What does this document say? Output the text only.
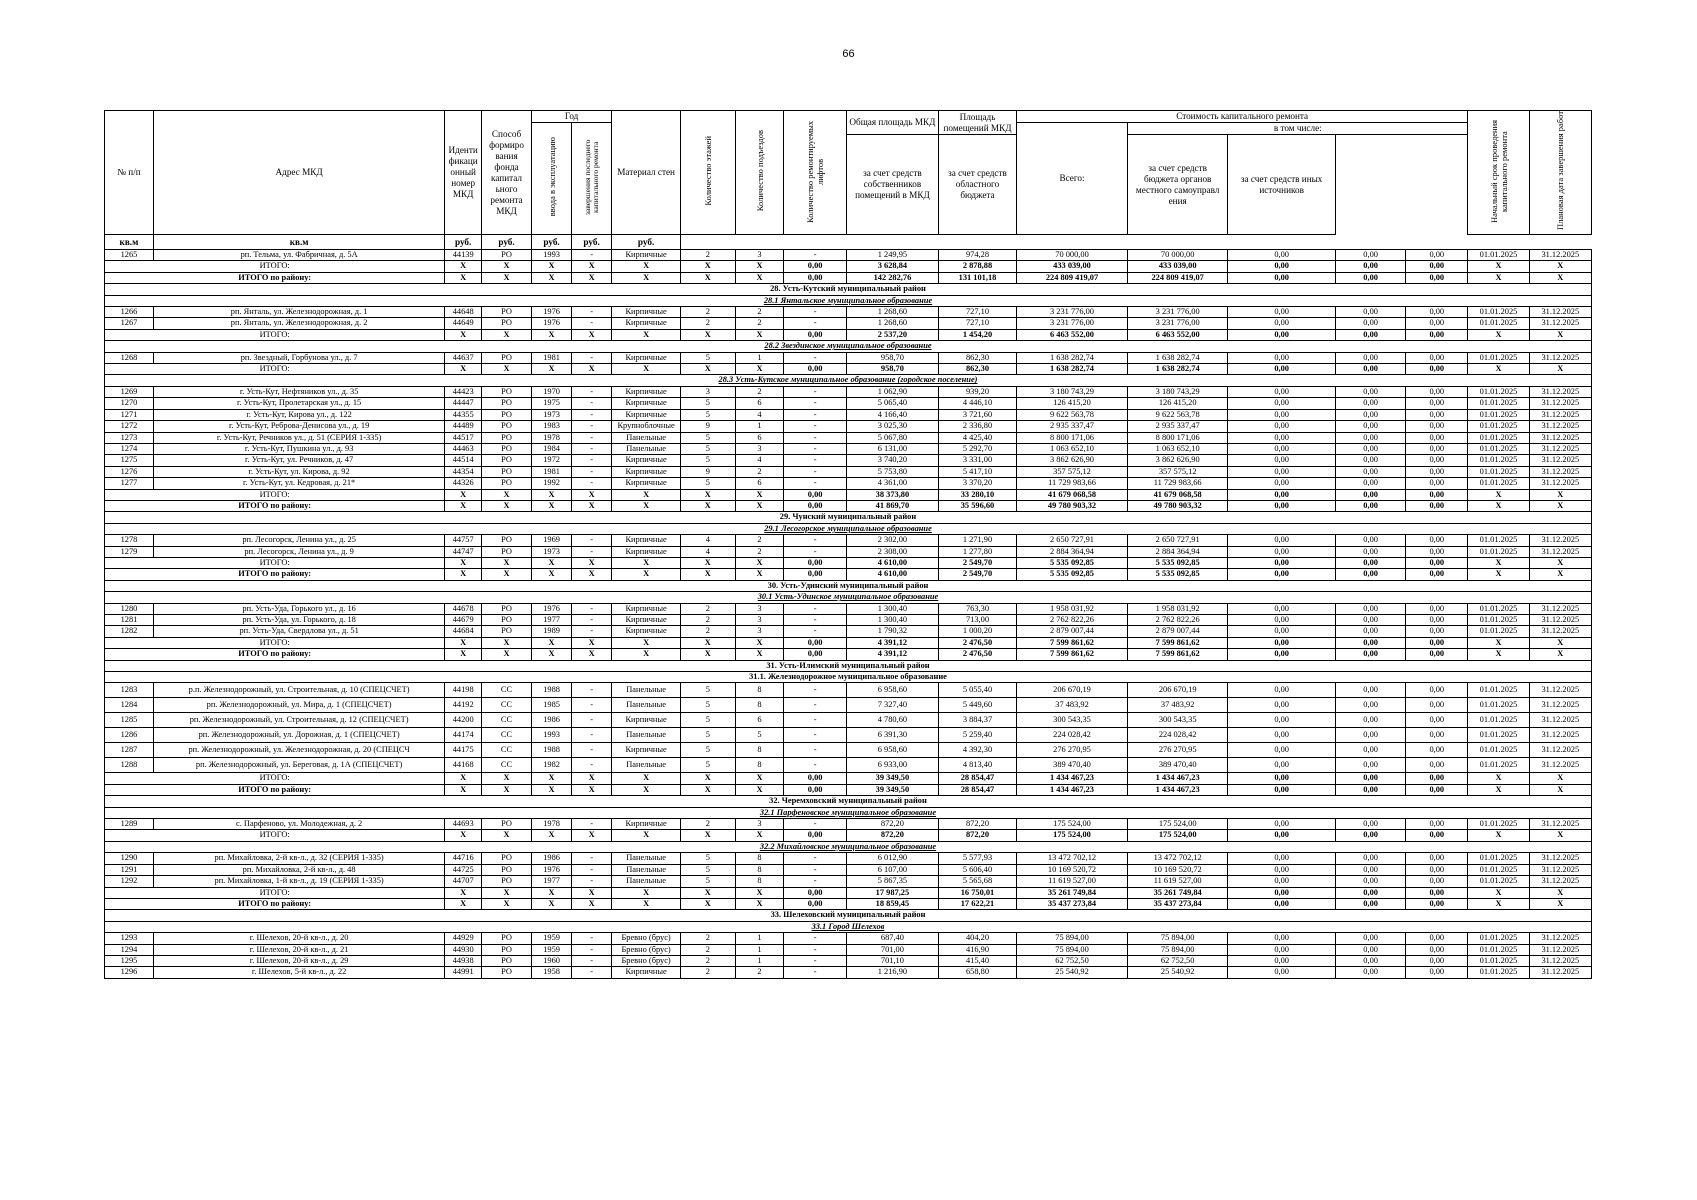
66
№ п/п	Адрес МКД	Иденти фикаци онный номер МКД	Способ формиро вания фонда капитал ьного ремонта МКД	Год		Материал стен	Количество этажей	Количество подъездов	Количество ремонтируемых лифтов	Общая площадь МКД	Площадь помещений МКД	Стоимость капитального ремонта					Начальный срок проведения капитального ремонта	Плановая дата завершения работ
				ввода в эксплуатацию	завершения последнего капитального ремонта							Всего:	в том числе:					
										за счет средств собственников помещений в МКД	за счет средств областного бюджета		за счет средств бюджета органов местного самоуправл ения	за счет средств иных источников				
кв.м	кв.м	руб.	руб.	руб.	руб.	руб.												
1265	рп. Тельма, ул. Фабричная, д. 5А	44139	РО	1993	-	Кирпичные	2	3	-	1 249,95	974,28	70 000,00	70 000,00	0,00	0,00	0,00	01.01.2025	31.12.2025
ИТОГО:		X	X	X	X	X	X	X	0,00	3 628,84	2 878,88	433 039,00	433 039,00	0,00	0,00	0,00	X	X
ИТОГО по району:		X	X	X	X	X	X	X	0,00	142 282,76	131 101,18	224 809 419,07	224 809 419,07	0,00	0,00	0,00	X	X
28. Усть-Кутский муниципальный район																		
28.1 Янтальское муниципальное образование																		
1266	рп. Янталь, ул. Железнодорожная, д. 1	44648	РО	1976	-	Кирпичные	2	2	-	1 268,60	727,10	3 231 776,00	3 231 776,00	0,00	0,00	0,00	01.01.2025	31.12.2025
1267	рп. Янталь, ул. Железнодорожная, д. 2	44649	РО	1976	-	Кирпичные	2	2	-	1 268,60	727,10	3 231 776,00	3 231 776,00	0,00	0,00	0,00	01.01.2025	31.12.2025
ИТОГО:		X	X	X	X	X	X	X	0,00	2 537,20	1 454,20	6 463 552,00	6 463 552,00	0,00	0,00	0,00	X	X
28.2 Звездинское муниципальное образование																		
1268	рп. Звездный, Горбунова ул., д. 7	44637	РО	1981	-	Кирпичные	5	1	-	958,70	862,30	1 638 282,74	1 638 282,74	0,00	0,00	0,00	01.01.2025	31.12.2025
ИТОГО:		X	X	X	X	X	X	X	0,00	958,70	862,30	1 638 282,74	1 638 282,74	0,00	0,00	0,00	X	X
28.3 Усть-Кутское муниципальное образование (городское поселение)																		
1269	г. Усть-Кут, Нефтяников ул., д. 35	44423	РО	1970	-	Кирпичные	3	2	-	1 062,90	939,20	3 180 743,29	3 180 743,29	0,00	0,00	0,00	01.01.2025	31.12.2025
1270	г. Усть-Кут, Пролетарская ул., д. 15	44447	РО	1975	-	Кирпичные	5	6	-	5 065,40	4 446,10	126 415,20	126 415,20	0,00	0,00	0,00	01.01.2025	31.12.2025
1271	г. Усть-Кут, Кирова ул., д. 122	44355	РО	1973	-	Кирпичные	5	4	-	4 166,40	3 721,60	9 622 563,78	9 622 563,78	0,00	0,00	0,00	01.01.2025	31.12.2025
1272	г. Усть-Кут, Реброва-Денисова ул., д. 19	44489	РО	1983	-	Крупноблочные	9	1	-	3 025,30	2 336,80	2 935 337,47	2 935 337,47	0,00	0,00	0,00	01.01.2025	31.12.2025
1273	г. Усть-Кут, Речников ул., д. 51 (СЕРИЯ 1-335)	44517	РО	1978	-	Панельные	5	6	-	5 067,80	4 425,40	8 800 171,06	8 800 171,06	0,00	0,00	0,00	01.01.2025	31.12.2025
1274	г. Усть-Кут, Пушкина ул., д. 93	44463	РО	1984	-	Панельные	5	3	-	6 131,00	5 292,70	1 063 652,10	1 063 652,10	0,00	0,00	0,00	01.01.2025	31.12.2025
1275	г. Усть-Кут, ул. Речников, д. 47	44514	РО	1972	-	Кирпичные	5	4	-	3 740,20	3 331,00	3 862 626,90	3 862 626,90	0,00	0,00	0,00	01.01.2025	31.12.2025
1276	г. Усть-Кут, ул. Кирова, д. 92	44354	РО	1981	-	Кирпичные	9	2	-	5 753,80	5 417,10	357 575,12	357 575,12	0,00	0,00	0,00	01.01.2025	31.12.2025
1277	г. Усть-Кут, ул. Кедровая, д. 21*	44326	РО	1992	-	Кирпичные	5	6	-	4 361,00	3 370,20	11 729 983,66	11 729 983,66	0,00	0,00	0,00	01.01.2025	31.12.2025
ИТОГО:		X	X	X	X	X	X	X	0,00	38 373,80	33 280,10	41 679 068,58	41 679 068,58	0,00	0,00	0,00	X	X
ИТОГО по району:		X	X	X	X	X	X	X	0,00	41 869,70	35 596,60	49 780 903,32	49 780 903,32	0,00	0,00	0,00	X	X
29. Чунский муниципальный район																		
29.1 Лесогорское муниципальное образование																		
1278	рп. Лесогорск, Ленина ул., д. 25	44757	РО	1969	-	Кирпичные	4	2	-	2 302,00	1 271,90	2 650 727,91	2 650 727,91	0,00	0,00	0,00	01.01.2025	31.12.2025
1279	рп. Лесогорск, Ленина ул., д. 9	44747	РО	1973	-	Кирпичные	4	2	-	2 308,00	1 277,80	2 884 364,94	2 884 364,94	0,00	0,00	0,00	01.01.2025	31.12.2025
ИТОГО:		X	X	X	X	X	X	X	0,00	4 610,00	2 549,70	5 535 092,85	5 535 092,85	0,00	0,00	0,00	X	X
ИТОГО по району:		X	X	X	X	X	X	X	0,00	4 610,00	2 549,70	5 535 092,85	5 535 092,85	0,00	0,00	0,00	X	X
30. Усть-Удинский муниципальный район																		
30.1 Усть-Удинское муниципальное образование																		
1280	рп. Усть-Уда, Горького ул., д. 16	44678	РО	1976	-	Кирпичные	2	3	-	1 300,40	763,30	1 958 031,92	1 958 031,92	0,00	0,00	0,00	01.01.2025	31.12.2025
1281	рп. Усть-Уда, ул. Горького, д. 18	44679	РО	1977	-	Кирпичные	2	3	-	1 300,40	713,00	2 762 822,26	2 762 822,26	0,00	0,00	0,00	01.01.2025	31.12.2025
1282	рп. Усть-Уда, Свердлова ул., д. 51	44684	РО	1989	-	Кирпичные	2	3	-	1 790,32	1 000,20	2 879 007,44	2 879 007,44	0,00	0,00	0,00	01.01.2025	31.12.2025
ИТОГО:		X	X	X	X	X	X	X	0,00	4 391,12	2 476,50	7 599 861,62	7 599 861,62	0,00	0,00	0,00	X	X
ИТОГО по району:		X	X	X	X	X	X	X	0,00	4 391,12	2 476,50	7 599 861,62	7 599 861,62	0,00	0,00	0,00	X	X
31. Усть-Илимский муниципальный район																		
31.1. Железнодорожное муниципальное образование																		
1283	р.п. Железнодорожный, ул. Строительная, д. 10 (СПЕЦСЧЕТ)	44198	СС	1988	-	Панельные	5	8	-	6 958,60	5 055,40	206 670,19	206 670,19	0,00	0,00	0,00	01.01.2025	31.12.2025
1284	рп. Железнодорожный, ул. Мира, д. 1 (СПЕЦСЧЕТ)	44192	СС	1985	-	Панельные	5	8	-	7 327,40	5 449,60	37 483,92	37 483,92	0,00	0,00	0,00	01.01.2025	31.12.2025
1285	рп. Железнодорожный, ул. Строительная, д. 12 (СПЕЦСЧЕТ)	44200	СС	1986	-	Кирпичные	5	6	-	4 780,60	3 884,37	300 543,35	300 543,35	0,00	0,00	0,00	01.01.2025	31.12.2025
1286	рп. Железнодорожный, ул. Дорожная, д. 1 (СПЕЦСЧЕТ)	44174	СС	1993	-	Панельные	5	5	-	6 391,30	5 259,40	224 028,42	224 028,42	0,00	0,00	0,00	01.01.2025	31.12.2025
1287	рп. Железнодорожный, ул. Железнодорожная, д. 20 (СПЕЦСЧ	44175	СС	1988	-	Кирпичные	5	8	-	6 958,60	4 392,30	276 270,95	276 270,95	0,00	0,00	0,00	01.01.2025	31.12.2025
1288	рп. Железнодорожный, ул. Береговая, д. 1А (СПЕЦСЧЕТ)	44168	СС	1982	-	Панельные	5	8	-	6 933,00	4 813,40	389 470,40	389 470,40	0,00	0,00	0,00	01.01.2025	31.12.2025
ИТОГО:		X	X	X	X	X	X	X	0,00	39 349,50	28 854,47	1 434 467,23	1 434 467,23	0,00	0,00	0,00	X	X
ИТОГО по району:		X	X	X	X	X	X	X	0,00	39 349,50	28 854,47	1 434 467,23	1 434 467,23	0,00	0,00	0,00	X	X
32. Черемховский муниципальный район																		
32.1 Парфеновское муниципальное образование																		
1289	с. Парфеново, ул. Молодежная, д. 2	44693	РО	1978	-	Кирпичные	2	3	-	872,20	872,20	175 524,00	175 524,00	0,00	0,00	0,00	01.01.2025	31.12.2025
ИТОГО:		X	X	X	X	X	X	X	0,00	872,20	872,20	175 524,00	175 524,00	0,00	0,00	0,00	X	X
32.2 Михайловское муниципальное образование																		
1290	рп. Михайловка, 2-й кв-л., д. 32 (СЕРИЯ 1-335)	44716	РО	1986	-	Панельные	5	8	-	6 012,90	5 577,93	13 472 702,12	13 472 702,12	0,00	0,00	0,00	01.01.2025	31.12.2025
1291	рп. Михайловка, 2-й кв-л., д. 48	44725	РО	1976	-	Панельные	5	8	-	6 107,00	5 606,40	10 169 520,72	10 169 520,72	0,00	0,00	0,00	01.01.2025	31.12.2025
1292	рп. Михайловка, 1-й кв-л., д. 19 (СЕРИЯ 1-335)	44707	РО	1977	-	Панельные	5	8	-	5 867,35	5 565,68	11 619 527,00	11 619 527,00	0,00	0,00	0,00	01.01.2025	31.12.2025
ИТОГО:		X	X	X	X	X	X	X	0,00	17 987,25	16 750,01	35 261 749,84	35 261 749,84	0,00	0,00	0,00	X	X
ИТОГО по району:		X	X	X	X	X	X	X	0,00	18 859,45	17 622,21	35 437 273,84	35 437 273,84	0,00	0,00	0,00	X	X
33. Шелеховский муниципальный район																		
33.1 Город Шелехов																		
1293	г. Шелехов, 20-й кв-л., д. 20	44929	РО	1959	-	Бревно (брус)	2	1	-	687,40	404,20	75 894,00	75 894,00	0,00	0,00	0,00	01.01.2025	31.12.2025
1294	г. Шелехов, 20-й кв-л., д. 21	44930	РО	1959	-	Бревно (брус)	2	1	-	701,00	416,90	75 894,00	75 894,00	0,00	0,00	0,00	01.01.2025	31.12.2025
1295	г. Шелехов, 20-й кв-л., д. 29	44938	РО	1960	-	Бревно (брус)	2	1	-	701,10	415,40	62 752,50	62 752,50	0,00	0,00	0,00	01.01.2025	31.12.2025
1296	г. Шелехов, 5-й кв-л., д. 22	44991	РО	1958	-	Кирпичные	2	2	-	1 216,90	658,80	25 540,92	25 540,92	0,00	0,00	0,00	01.01.2025	31.12.2025
